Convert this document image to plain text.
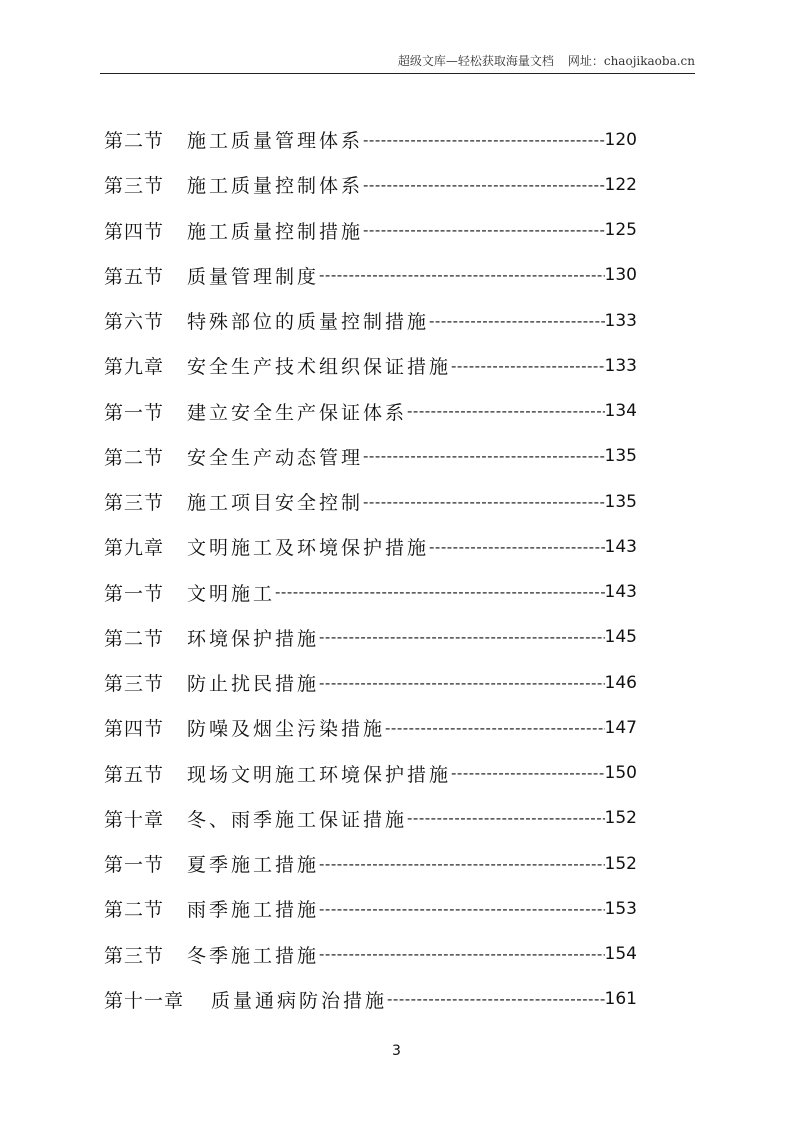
超级文库—轻松获取海量文档 网址：chaojikaoba.cn
第二节	施工质量管理体系 -----	120
第三节	施工质量控制体系 -----	122
第四节	施工质量控制措施 -----	125
第五节	质量管理制度 -----	130
第六节	特殊部位的质量控制措施 -----	133
第九章	安全生产技术组织保证措施 -----	133
第一节	建立安全生产保证体系 -----	134
第二节	安全生产动态管理 -----	135
第三节	施工项目安全控制 -----	135
第九章	文明施工及环境保护措施 -----	143
第一节	文明施工 -----	143
第二节	环境保护措施 -----	145
第三节	防止扰民措施 -----	146
第四节	防噪及烟尘污染措施 -----	147
第五节	现场文明施工环境保护措施 -----	150
第十章	冬、雨季施工保证措施 -----	152
第一节	夏季施工措施 -----	152
第二节	雨季施工措施 -----	153
第三节	冬季施工措施 -----	154
第十一章	质量通病防治措施 -----	161
3
